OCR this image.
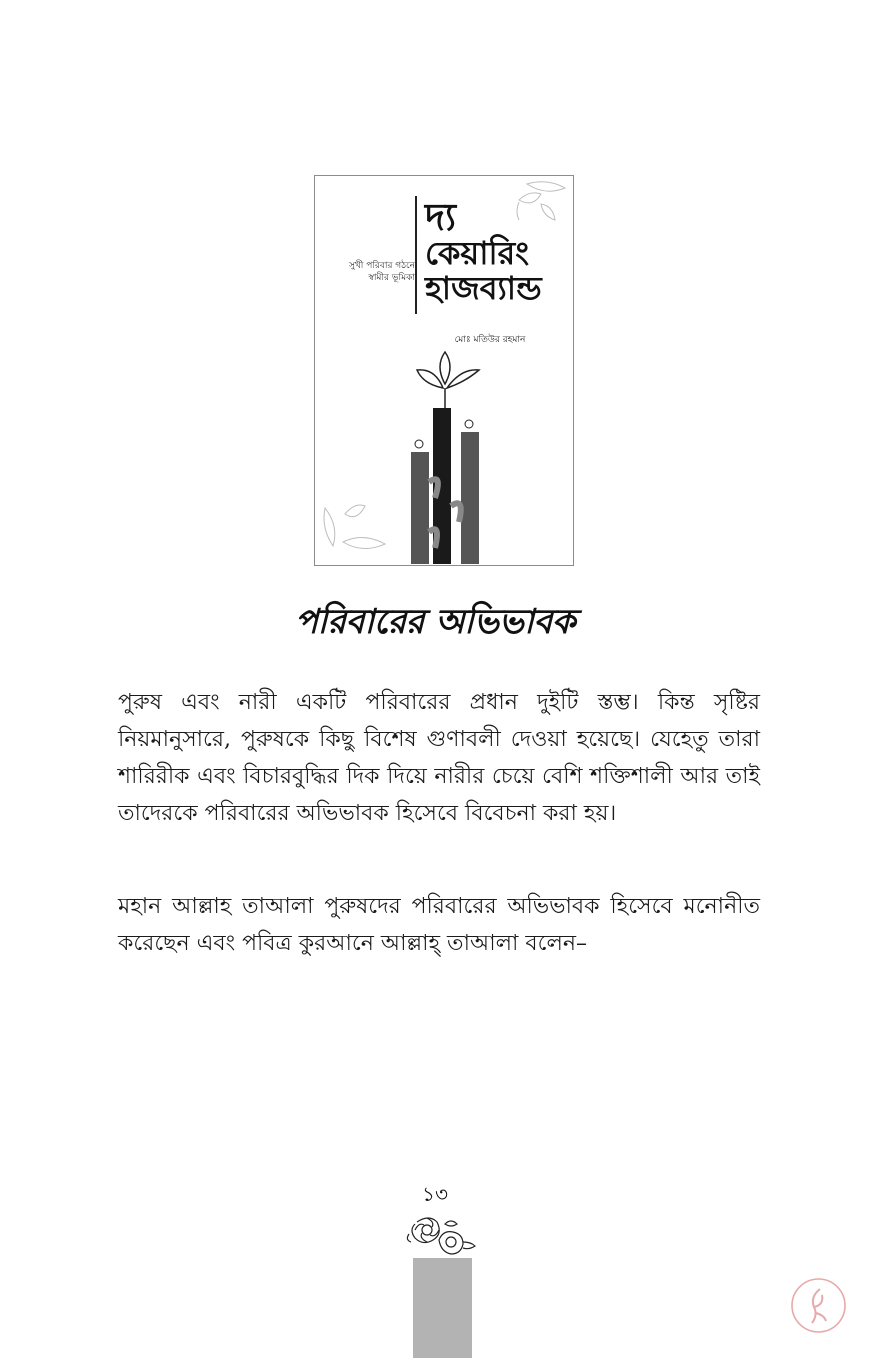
সুখী পরিবার গঠনে স্বামীর ভূমিকা
দ্য
কেয়ারিং
হাজব্যান্ড
মোঃ মতিউর রহমান
পরিবারের অভিভাবক

পুরুষ এবং নারী একটি পরিবারের প্রধান দুইটি স্তম্ভ। কিন্ত সৃষ্টির নিয়মানুসারে, পুরুষকে কিছু বিশেষ গুণাবলী দেওয়া হয়েছে। যেহেতু তারা শারিরীক এবং বিচারবুদ্ধির দিক দিয়ে নারীর চেয়ে বেশি শক্তিশালী আর তাই তাদেরকে পরিবারের অভিভাবক হিসেবে বিবেচনা করা হয়।

মহান আল্লাহ তাআলা পুরুষদের পরিবারের অভিভাবক হিসেবে মনোনীত করেছেন এবং পবিত্র কুরআনে আল্লাহ্ তাআলা বলেন–

১৩
